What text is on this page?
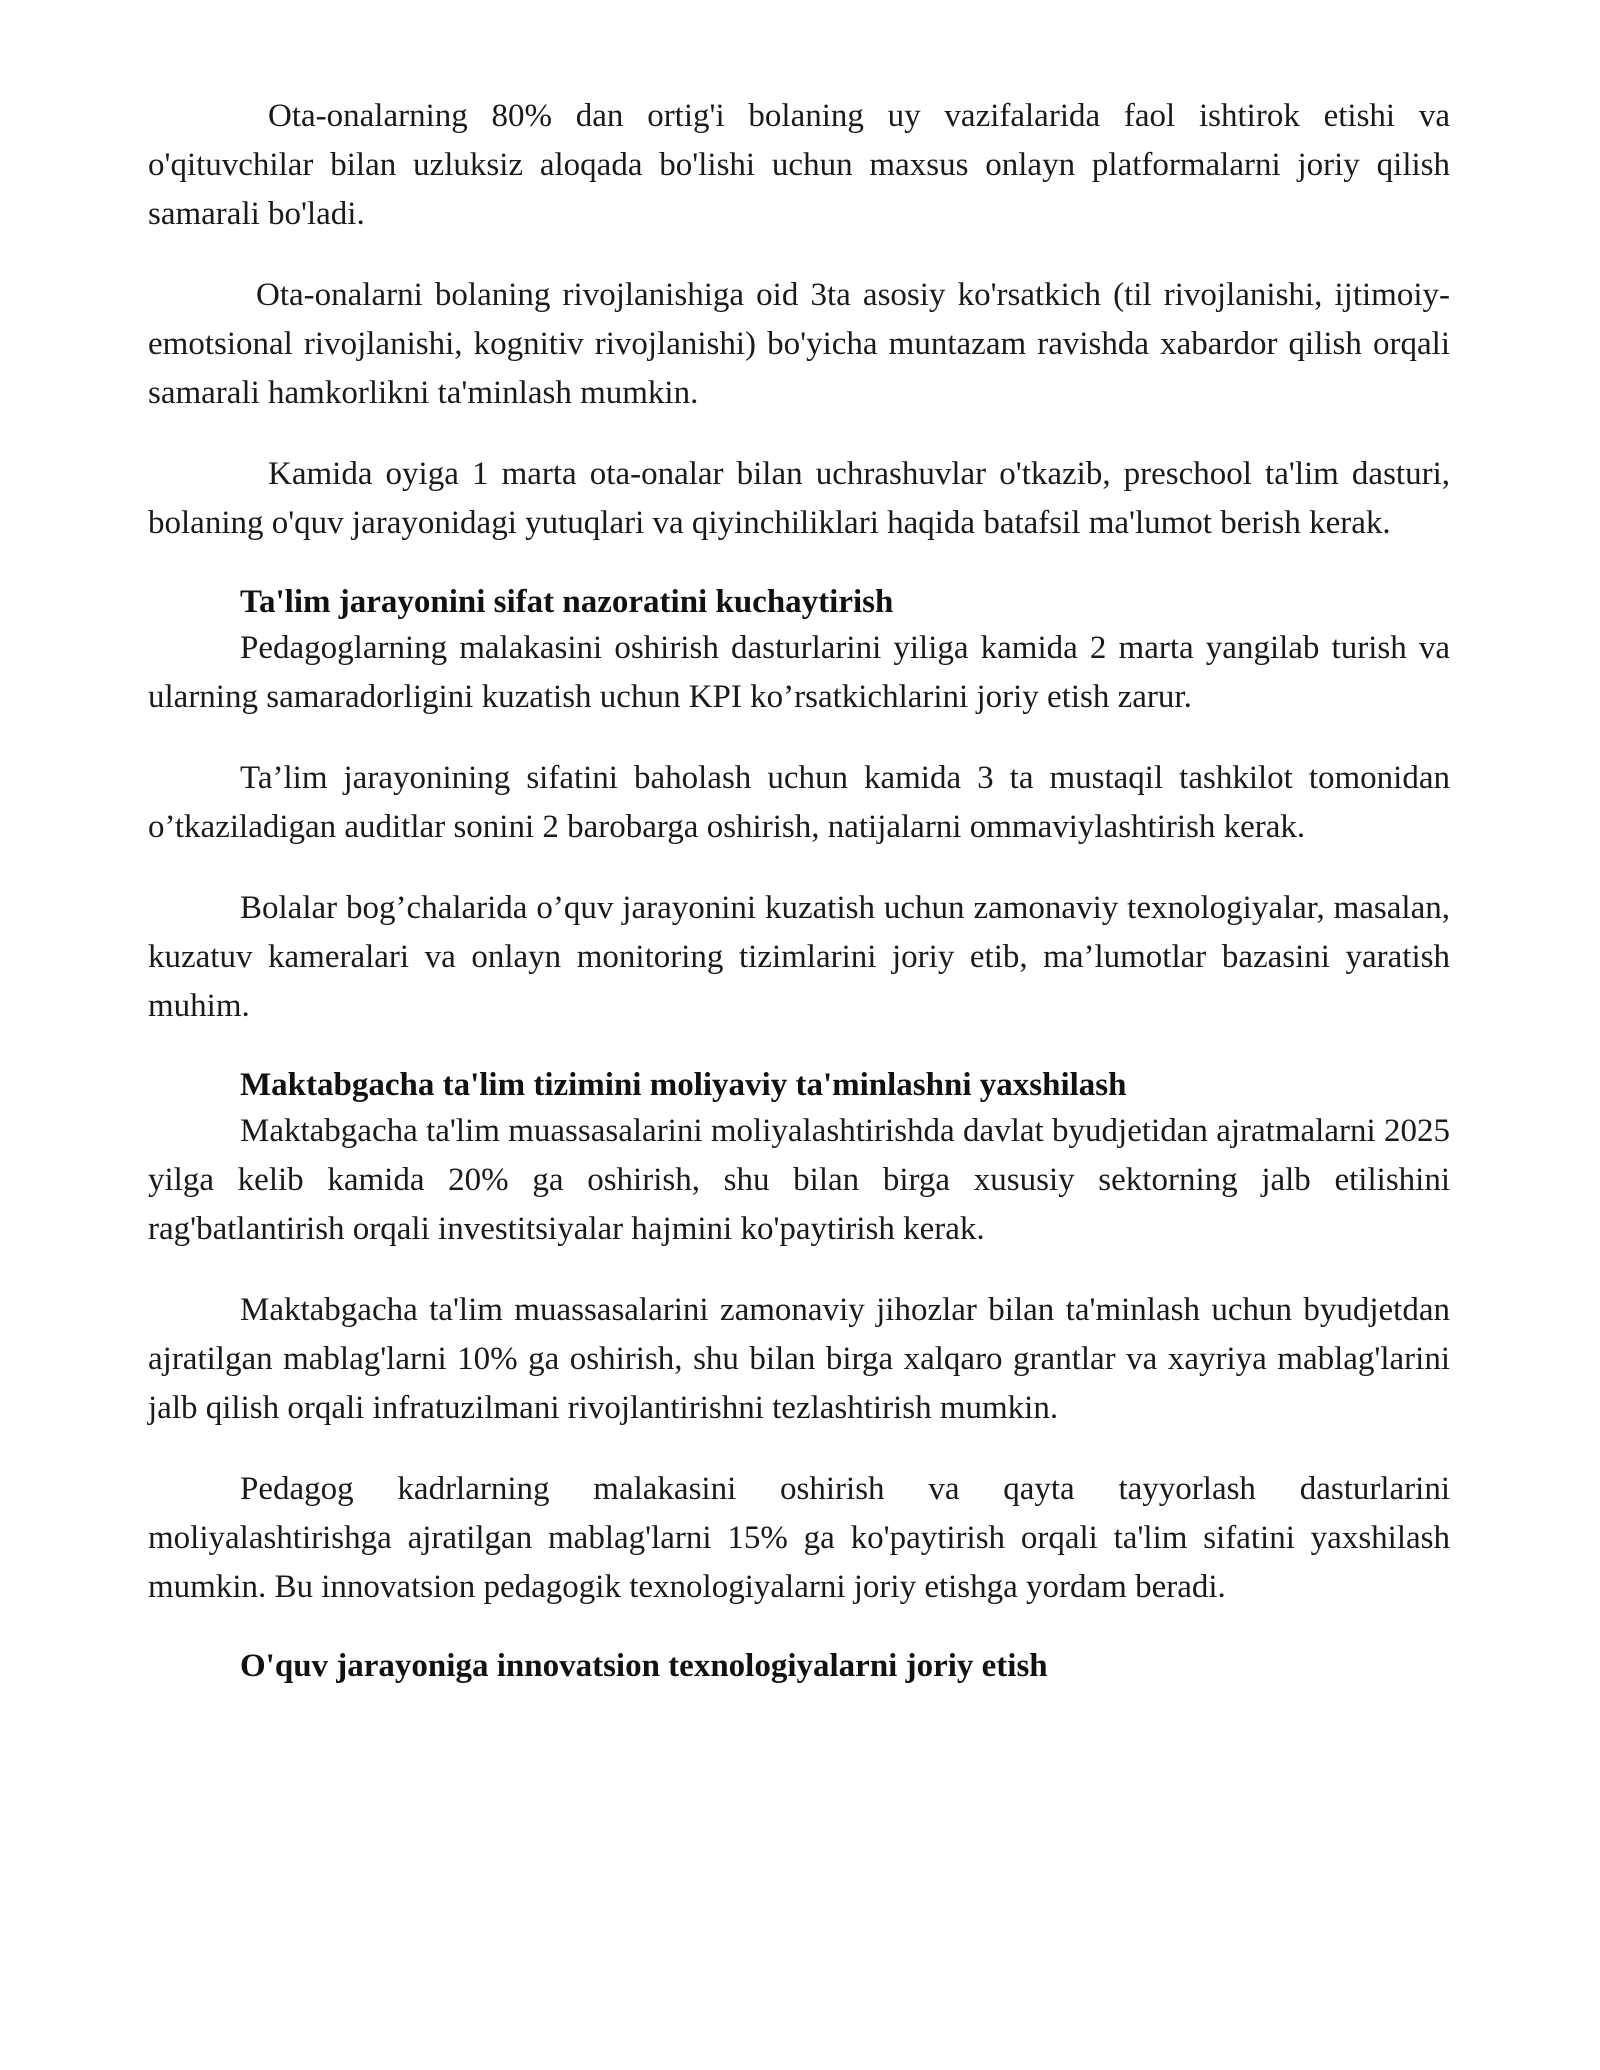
Ota-onalarning 80% dan ortig'i bolaning uy vazifalarida faol ishtirok etishi va o'qituvchilar bilan uzluksiz aloqada bo'lishi uchun maxsus onlayn platformalarni joriy qilish samarali bo'ladi.

Ota-onalarni bolaning rivojlanishiga oid 3ta asosiy ko'rsatkich (til rivojlanishi, ijtimoiy-emotsional rivojlanishi, kognitiv rivojlanishi) bo'yicha muntazam ravishda xabardor qilish orqali samarali hamkorlikni ta'minlash mumkin.

Kamida oyiga 1 marta ota-onalar bilan uchrashuvlar o'tkazib, preschool ta'lim dasturi, bolaning o'quv jarayonidagi yutuqlari va qiyinchiliklari haqida batafsil ma'lumot berish kerak.

Ta'lim jarayonini sifat nazoratini kuchaytirish

Pedagoglarning malakasini oshirish dasturlarini yiliga kamida 2 marta yangilab turish va ularning samaradorligini kuzatish uchun KPI ko’rsatkichlarini joriy etish zarur.

Ta’lim jarayonining sifatini baholash uchun kamida 3 ta mustaqil tashkilot tomonidan o’tkaziladigan auditlar sonini 2 barobarga oshirish, natijalarni ommaviylashtirish kerak.

Bolalar bog’chalarida o’quv jarayonini kuzatish uchun zamonaviy texnologiyalar, masalan, kuzatuv kameralari va onlayn monitoring tizimlarini joriy etib, ma’lumotlar bazasini yaratish muhim.

Maktabgacha ta'lim tizimini moliyaviy ta'minlashni yaxshilash

Maktabgacha ta'lim muassasalarini moliyalashtirishda davlat byudjetidan ajratmalarni 2025 yilga kelib kamida 20% ga oshirish, shu bilan birga xususiy sektorning jalb etilishini rag'batlantirish orqali investitsiyalar hajmini ko'paytirish kerak.

Maktabgacha ta'lim muassasalarini zamonaviy jihozlar bilan ta'minlash uchun byudjetdan ajratilgan mablag'larni 10% ga oshirish, shu bilan birga xalqaro grantlar va xayriya mablag'larini jalb qilish orqali infratuzilmani rivojlantirishni tezlashtirish mumkin.

Pedagog kadrlarning malakasini oshirish va qayta tayyorlash dasturlarini moliyalashtirishga ajratilgan mablag'larni 15% ga ko'paytirish orqali ta'lim sifatini yaxshilash mumkin. Bu innovatsion pedagogik texnologiyalarni joriy etishga yordam beradi.

O'quv jarayoniga innovatsion texnologiyalarni joriy etish
